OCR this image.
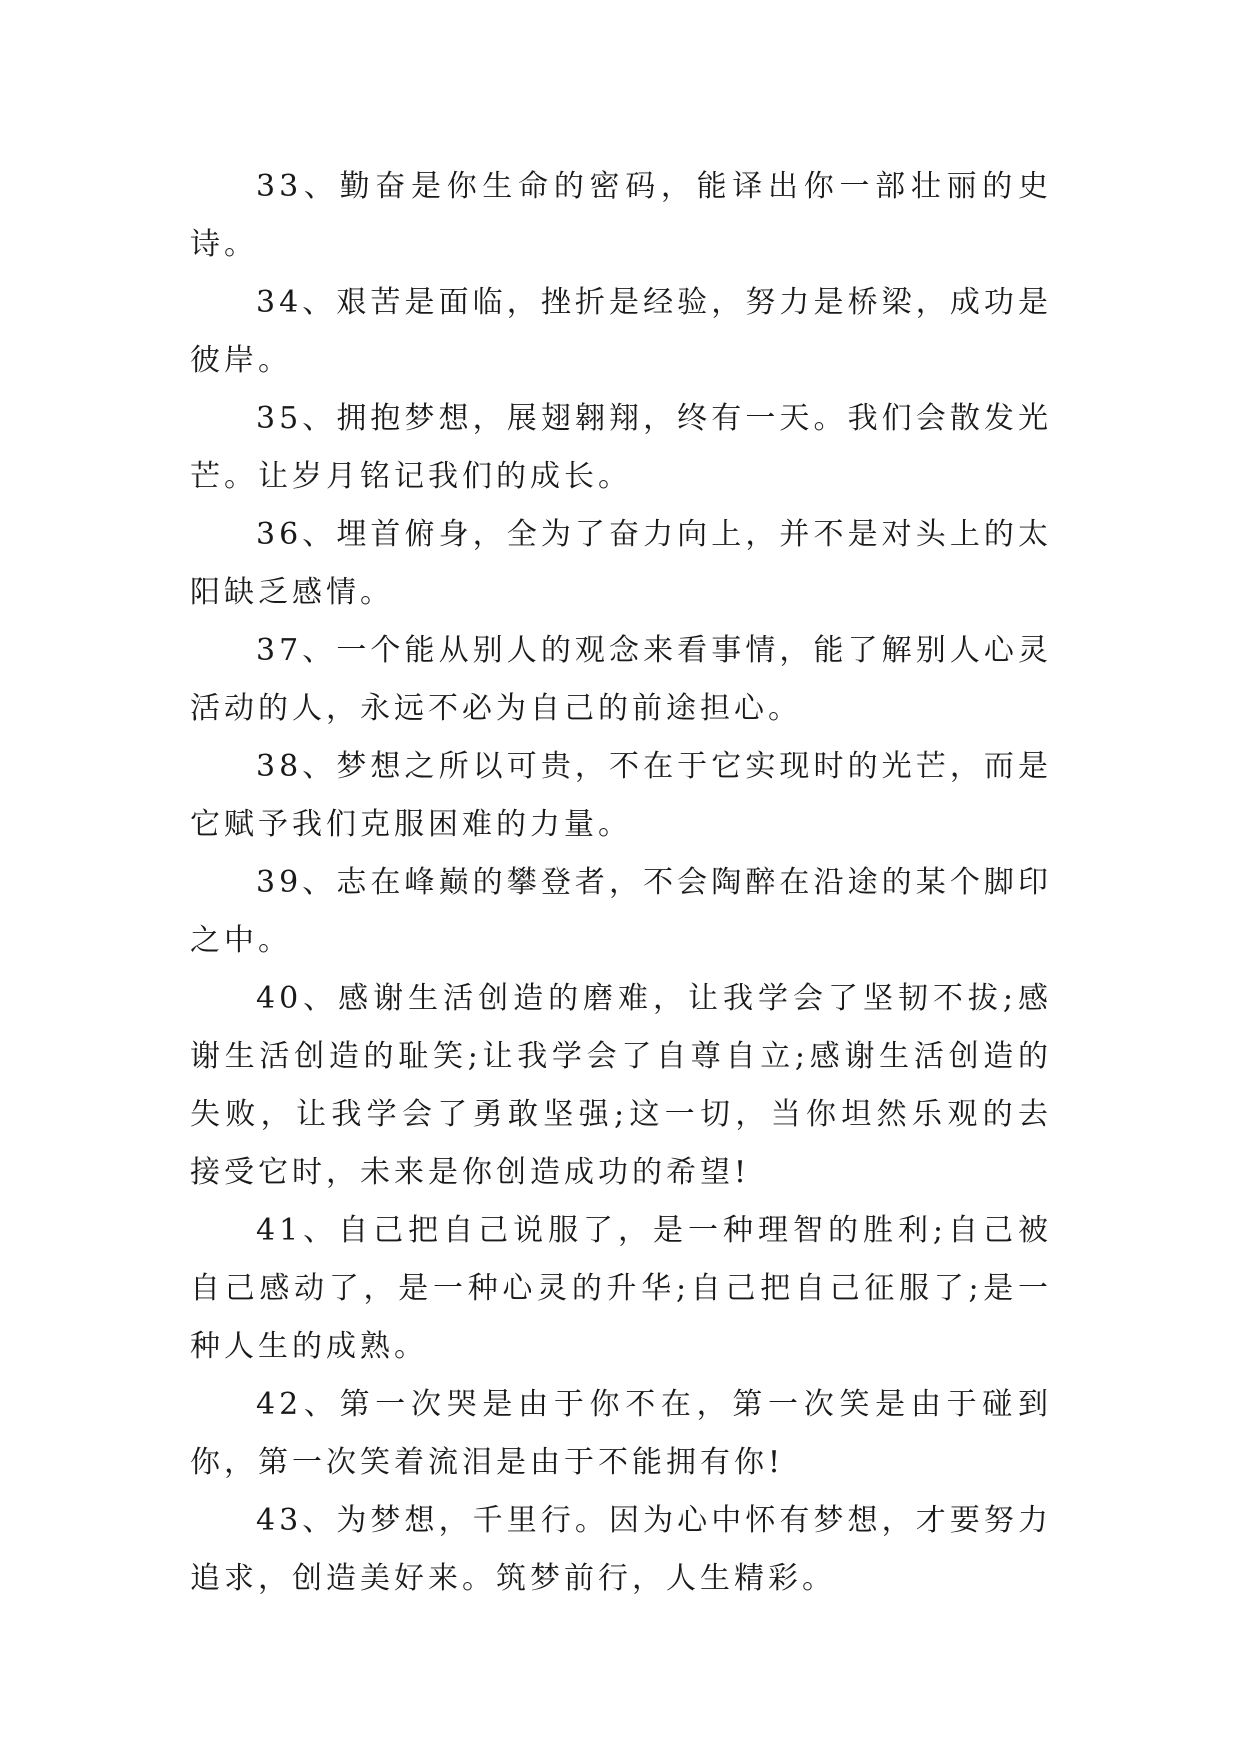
33、勤奋是你生命的密码，能译出你一部壮丽的史诗。

34、艰苦是面临，挫折是经验，努力是桥梁，成功是彼岸。

35、拥抱梦想，展翅翱翔，终有一天。我们会散发光芒。让岁月铭记我们的成长。

36、埋首俯身，全为了奋力向上，并不是对头上的太阳缺乏感情。

37、一个能从别人的观念来看事情，能了解别人心灵活动的人，永远不必为自己的前途担心。

38、梦想之所以可贵，不在于它实现时的光芒，而是它赋予我们克服困难的力量。

39、志在峰巅的攀登者，不会陶醉在沿途的某个脚印之中。

40、感谢生活创造的磨难，让我学会了坚韧不拔;感谢生活创造的耻笑;让我学会了自尊自立;感谢生活创造的失败，让我学会了勇敢坚强;这一切，当你坦然乐观的去接受它时，未来是你创造成功的希望!

41、自己把自己说服了，是一种理智的胜利;自己被自己感动了，是一种心灵的升华;自己把自己征服了;是一种人生的成熟。

42、第一次哭是由于你不在，第一次笑是由于碰到你，第一次笑着流泪是由于不能拥有你!

43、为梦想，千里行。因为心中怀有梦想，才要努力追求，创造美好来。筑梦前行，人生精彩。
